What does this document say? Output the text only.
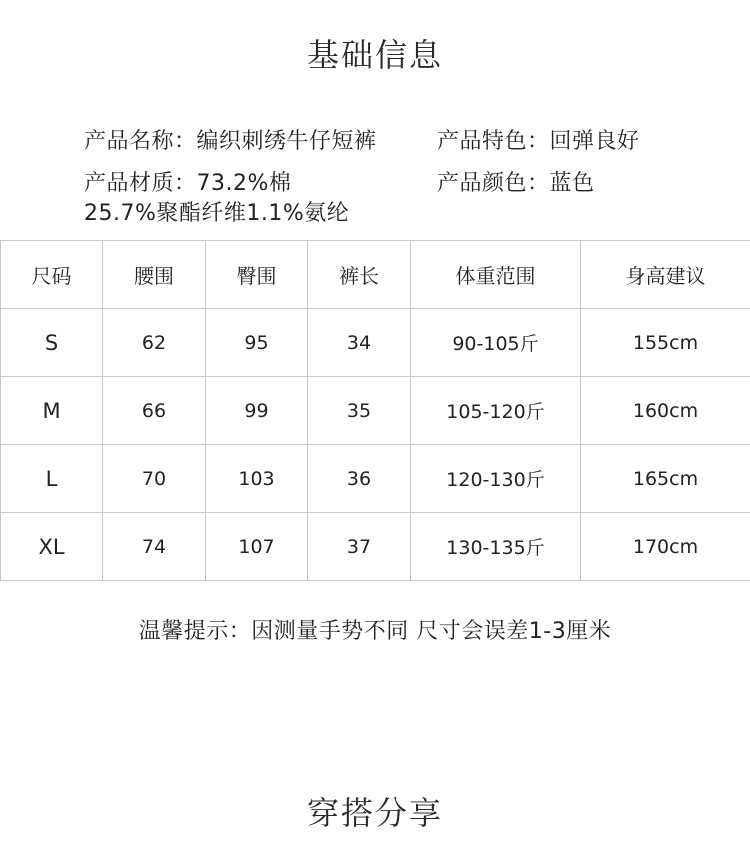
基础信息
产品名称：编织刺绣牛仔短裤	产品特色：回弹良好
产品材质：73.2%棉	产品颜色：蓝色
25.7%聚酯纤维1.1%氨纶
尺码	腰围	臀围	裤长	体重范围	身高建议
S	62	95	34	90-105斤	155cm
M	66	99	35	105-120斤	160cm
L	70	103	36	120-130斤	165cm
XL	74	107	37	130-135斤	170cm
温馨提示：因测量手势不同 尺寸会误差1-3厘米
穿搭分享
